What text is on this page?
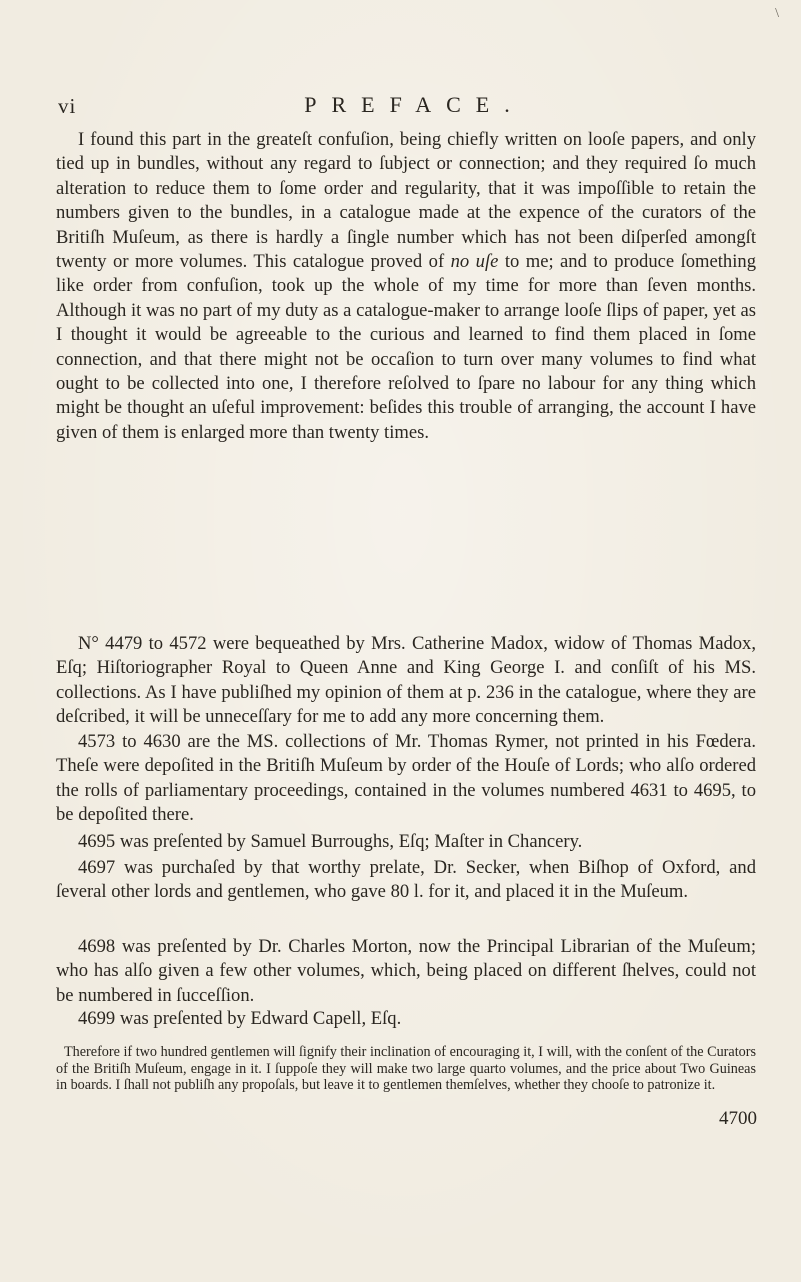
\
vi	PREFACE.

I found this part in the greateſt confuſion, being chiefly written on looſe papers, and only tied up in bundles, without any regard to ſubject or connection; and they required ſo much alteration to reduce them to ſome order and regularity, that it was impoſſible to retain the numbers given to the bundles, in a catalogue made at the expence of the curators of the Britiſh Muſeum, as there is hardly a ſingle number which has not been diſperſed amongſt twenty or more volumes. This catalogue proved of no uſe to me; and to produce ſomething like order from confuſion, took up the whole of my time for more than ſeven months. Although it was no part of my duty as a catalogue-maker to arrange looſe ſlips of paper, yet as I thought it would be agreeable to the curious and learned to find them placed in ſome connection, and that there might not be occaſion to turn over many volumes to find what ought to be collected into one, I therefore reſolved to ſpare no labour for any thing which might be thought an uſeful improvement: beſides this trouble of arranging, the account I have given of them is enlarged more than twenty times.

N° 4479 to 4572 were bequeathed by Mrs. Catherine Madox, widow of Thomas Madox, Eſq; Hiſtoriographer Royal to Queen Anne and King George I. and conſiſt of his MS. collections. As I have publiſhed my opinion of them at p. 236 in the catalogue, where they are deſcribed, it will be unneceſſary for me to add any more concerning them.

4573 to 4630 are the MS. collections of Mr. Thomas Rymer, not printed in his Fœdera. Theſe were depoſited in the Britiſh Muſeum by order of the Houſe of Lords; who alſo ordered the rolls of parliamentary proceedings, contained in the volumes numbered 4631 to 4695, to be depoſited there.

4695 was preſented by Samuel Burroughs, Eſq; Maſter in Chancery.

4697 was purchaſed by that worthy prelate, Dr. Secker, when Biſhop of Oxford, and ſeveral other lords and gentlemen, who gave 80 l. for it, and placed it in the Muſeum.

4698 was preſented by Dr. Charles Morton, now the Principal Librarian of the Muſeum; who has alſo given a few other volumes, which, being placed on different ſhelves, could not be numbered in ſucceſſion.

4699 was preſented by Edward Capell, Eſq.

Therefore if two hundred gentlemen will ſignify their inclination of encouraging it, I will, with the conſent of the Curators of the Britiſh Muſeum, engage in it. I ſuppoſe they will make two large quarto volumes, and the price about Two Guineas in boards. I ſhall not publiſh any propoſals, but leave it to gentlemen themſelves, whether they chooſe to patronize it.

4700
